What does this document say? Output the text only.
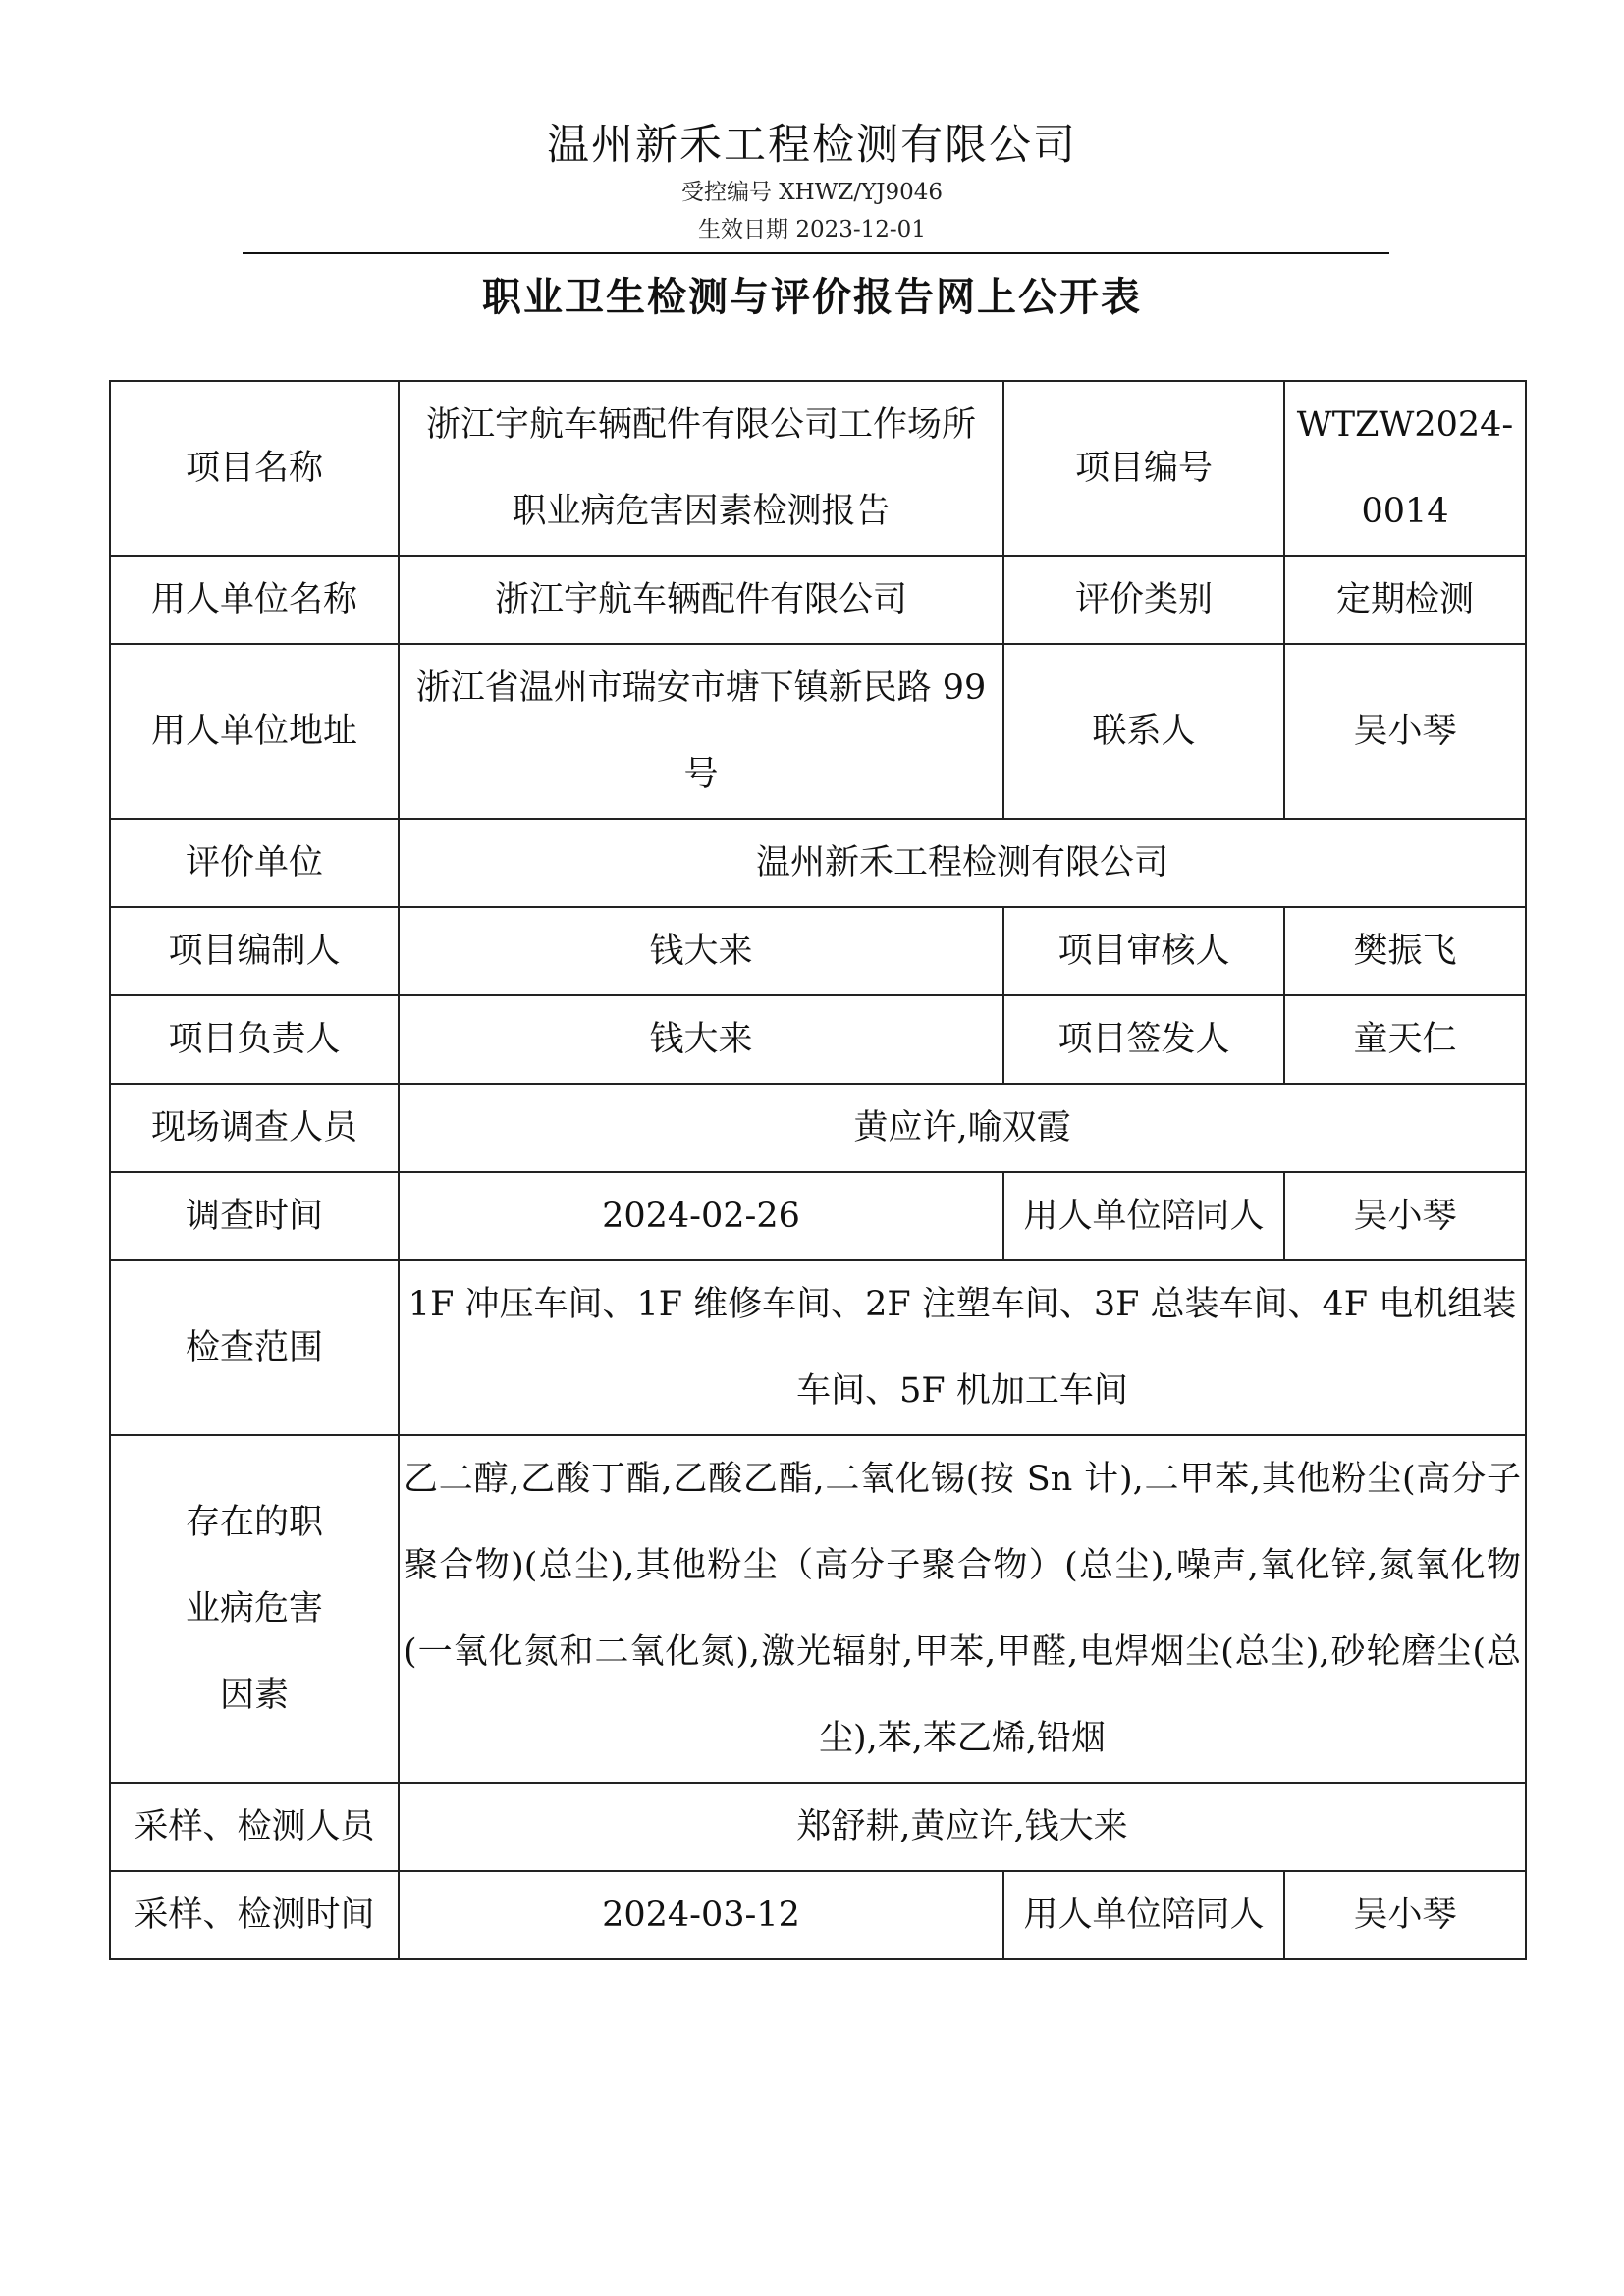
温州新禾工程检测有限公司
受控编号 XHWZ/YJ9046
生效日期 2023-12-01
职业卫生检测与评价报告网上公开表
项目名称	浙江宇航车辆配件有限公司工作场所职业病危害因素检测报告	项目编号	WTZW2024-0014
用人单位名称	浙江宇航车辆配件有限公司	评价类别	定期检测
用人单位地址	浙江省温州市瑞安市塘下镇新民路 99 号	联系人	吴小琴
评价单位	温州新禾工程检测有限公司		
项目编制人	钱大来	项目审核人	樊振飞
项目负责人	钱大来	项目签发人	童天仁
现场调查人员	黄应许,喻双霞		
调查时间	2024-02-26	用人单位陪同人	吴小琴
检查范围	1F 冲压车间、1F 维修车间、2F 注塑车间、3F 总装车间、4F 电机组装车间、5F 机加工车间		
存在的职业病危害因素	乙二醇,乙酸丁酯,乙酸乙酯,二氧化锡(按 Sn 计),二甲苯,其他粉尘(高分子聚合物)(总尘),其他粉尘（高分子聚合物）(总尘),噪声,氧化锌,氮氧化物(一氧化氮和二氧化氮),激光辐射,甲苯,甲醛,电焊烟尘(总尘),砂轮磨尘(总尘),苯,苯乙烯,铅烟		
采样、检测人员	郑舒耕,黄应许,钱大来		
采样、检测时间	2024-03-12	用人单位陪同人	吴小琴
